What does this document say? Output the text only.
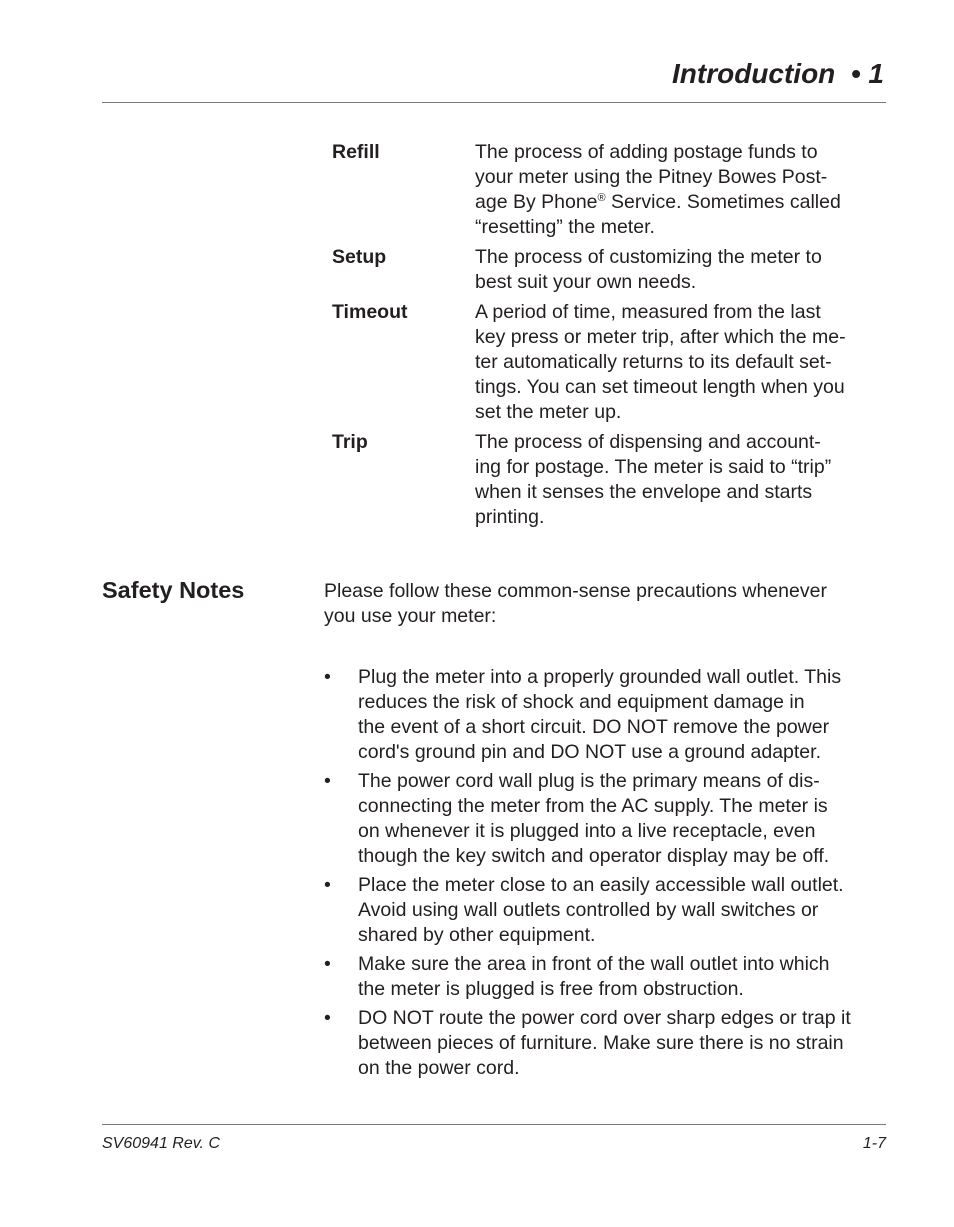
Introduction  • 1
Refill	The process of adding postage funds to
your meter using the Pitney Bowes Post-
age By Phone® Service. Sometimes called
“resetting” the meter.
Setup	The process of customizing the meter to
best suit your own needs.
Timeout	A period of time, measured from the last
key press or meter trip, after which the me-
ter automatically returns to its default set-
tings. You can set timeout length when you
set the meter up.
Trip	The process of dispensing and account-
ing for postage. The meter is said to “trip”
when it senses the envelope and starts
printing.
Safety Notes	Please follow these common-sense precautions whenever
you use your meter:
• Plug the meter into a properly grounded wall outlet. This
reduces the risk of shock and equipment damage in
the event of a short circuit. DO NOT remove the power
cord's ground pin and DO NOT use a ground adapter.
• The power cord wall plug is the primary means of dis-
connecting the meter from the AC supply. The meter is
on whenever it is plugged into a live receptacle, even
though the key switch and operator display may be off.
• Place the meter close to an easily accessible wall outlet.
Avoid using wall outlets controlled by wall switches or
shared by other equipment.
• Make sure the area in front of the wall outlet into which
the meter is plugged is free from obstruction.
• DO NOT route the power cord over sharp edges or trap it
between pieces of furniture. Make sure there is no strain
on the power cord.
SV60941 Rev. C	1-7
